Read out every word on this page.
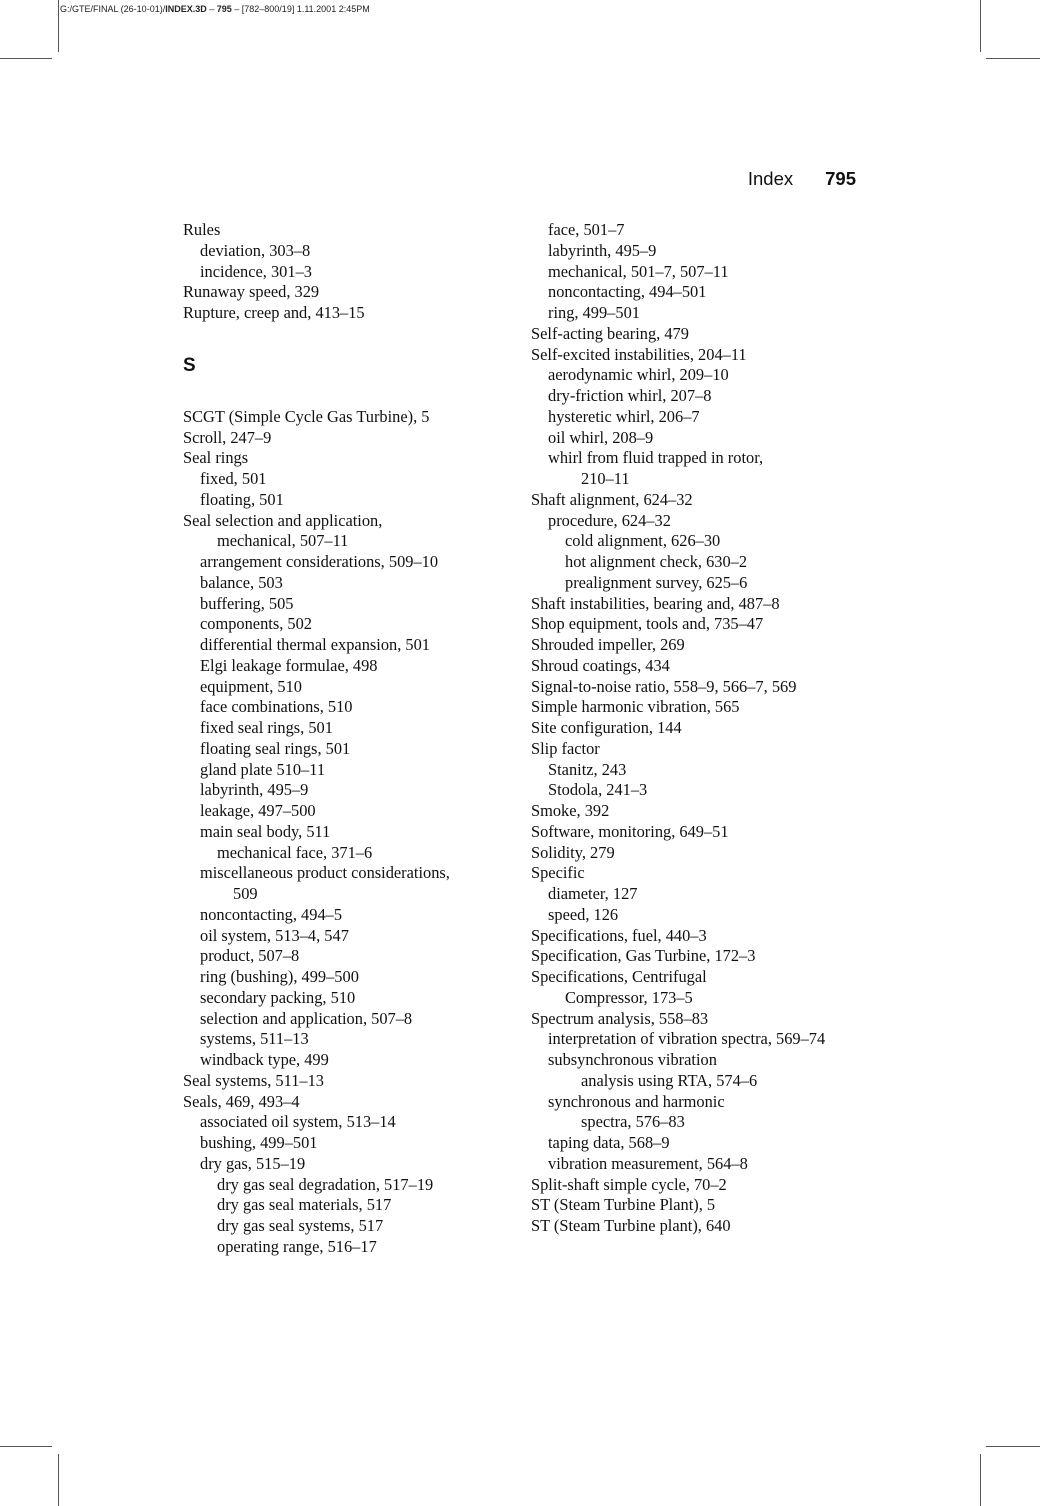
G:/GTE/FINAL (26-10-01)/INDEX.3D – 795 – [782–800/19] 1.11.2001 2:45PM
Index 795
Rules
deviation, 303–8
incidence, 301–3
Runaway speed, 329
Rupture, creep and, 413–15
S
SCGT (Simple Cycle Gas Turbine), 5
Scroll, 247–9
Seal rings
fixed, 501
floating, 501
Seal selection and application,
mechanical, 507–11
arrangement considerations, 509–10
balance, 503
buffering, 505
components, 502
differential thermal expansion, 501
Elgi leakage formulae, 498
equipment, 510
face combinations, 510
fixed seal rings, 501
floating seal rings, 501
gland plate 510–11
labyrinth, 495–9
leakage, 497–500
main seal body, 511
mechanical face, 371–6
miscellaneous product considerations,
509
noncontacting, 494–5
oil system, 513–4, 547
product, 507–8
ring (bushing), 499–500
secondary packing, 510
selection and application, 507–8
systems, 511–13
windback type, 499
Seal systems, 511–13
Seals, 469, 493–4
associated oil system, 513–14
bushing, 499–501
dry gas, 515–19
dry gas seal degradation, 517–19
dry gas seal materials, 517
dry gas seal systems, 517
operating range, 516–17
face, 501–7
labyrinth, 495–9
mechanical, 501–7, 507–11
noncontacting, 494–501
ring, 499–501
Self-acting bearing, 479
Self-excited instabilities, 204–11
aerodynamic whirl, 209–10
dry-friction whirl, 207–8
hysteretic whirl, 206–7
oil whirl, 208–9
whirl from fluid trapped in rotor,
210–11
Shaft alignment, 624–32
procedure, 624–32
cold alignment, 626–30
hot alignment check, 630–2
prealignment survey, 625–6
Shaft instabilities, bearing and, 487–8
Shop equipment, tools and, 735–47
Shrouded impeller, 269
Shroud coatings, 434
Signal-to-noise ratio, 558–9, 566–7, 569
Simple harmonic vibration, 565
Site configuration, 144
Slip factor
Stanitz, 243
Stodola, 241–3
Smoke, 392
Software, monitoring, 649–51
Solidity, 279
Specific
diameter, 127
speed, 126
Specifications, fuel, 440–3
Specification, Gas Turbine, 172–3
Specifications, Centrifugal
Compressor, 173–5
Spectrum analysis, 558–83
interpretation of vibration spectra, 569–74
subsynchronous vibration
analysis using RTA, 574–6
synchronous and harmonic
spectra, 576–83
taping data, 568–9
vibration measurement, 564–8
Split-shaft simple cycle, 70–2
ST (Steam Turbine Plant), 5
ST (Steam Turbine plant), 640
